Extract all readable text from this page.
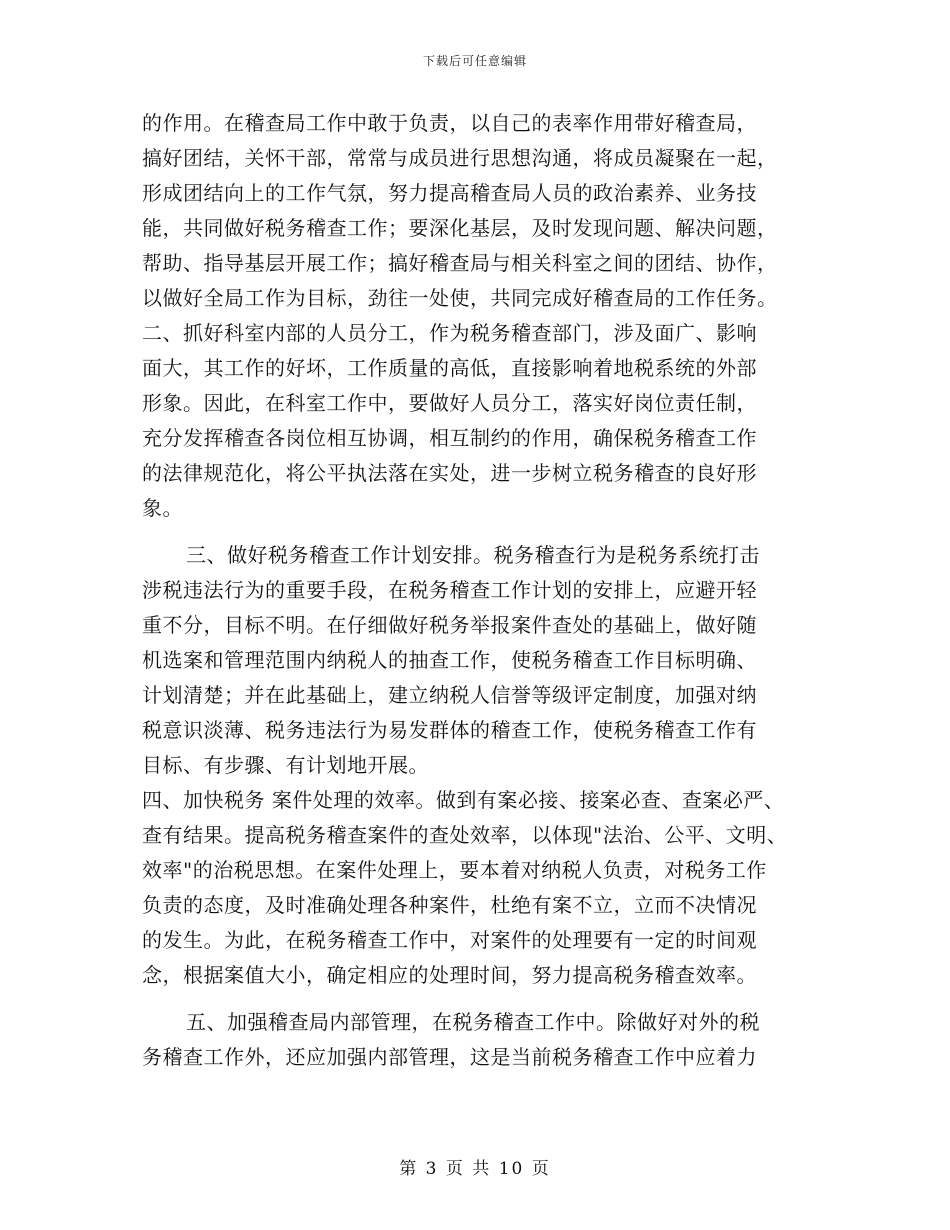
下载后可任意编辑
的作用。在稽查局工作中敢于负责，以自己的表率作用带好稽查局，
搞好团结，关怀干部，常常与成员进行思想沟通，将成员凝聚在一起，
形成团结向上的工作气氛，努力提高稽查局人员的政治素养、业务技
能，共同做好税务稽查工作；要深化基层，及时发现问题、解决问题，
帮助、指导基层开展工作；搞好稽查局与相关科室之间的团结、协作，
以做好全局工作为目标，劲往一处使，共同完成好稽查局的工作任务。
二、抓好科室内部的人员分工，作为税务稽查部门，涉及面广、影响
面大，其工作的好坏，工作质量的高低，直接影响着地税系统的外部
形象。因此，在科室工作中，要做好人员分工，落实好岗位责任制，
充分发挥稽查各岗位相互协调，相互制约的作用，确保税务稽查工作
的法律规范化，将公平执法落在实处，进一步树立税务稽查的良好形
象。
三、做好税务稽查工作计划安排。税务稽查行为是税务系统打击
涉税违法行为的重要手段，在税务稽查工作计划的安排上，应避开轻
重不分，目标不明。在仔细做好税务举报案件查处的基础上，做好随
机选案和管理范围内纳税人的抽查工作，使税务稽查工作目标明确、
计划清楚；并在此基础上，建立纳税人信誉等级评定制度，加强对纳
税意识淡薄、税务违法行为易发群体的稽查工作，使税务稽查工作有
目标、有步骤、有计划地开展。
四、加快税务 案件处理的效率。做到有案必接、接案必查、查案必严、
查有结果。提高税务稽查案件的查处效率，以体现"法治、公平、文明、
效率"的治税思想。在案件处理上，要本着对纳税人负责，对税务工作
负责的态度，及时准确处理各种案件，杜绝有案不立，立而不决情况
的发生。为此，在税务稽查工作中，对案件的处理要有一定的时间观
念，根据案值大小，确定相应的处理时间，努力提高税务稽查效率。
五、加强稽查局内部管理，在税务稽查工作中。除做好对外的税
务稽查工作外，还应加强内部管理，这是当前税务稽查工作中应着力
第 3 页 共 10 页
